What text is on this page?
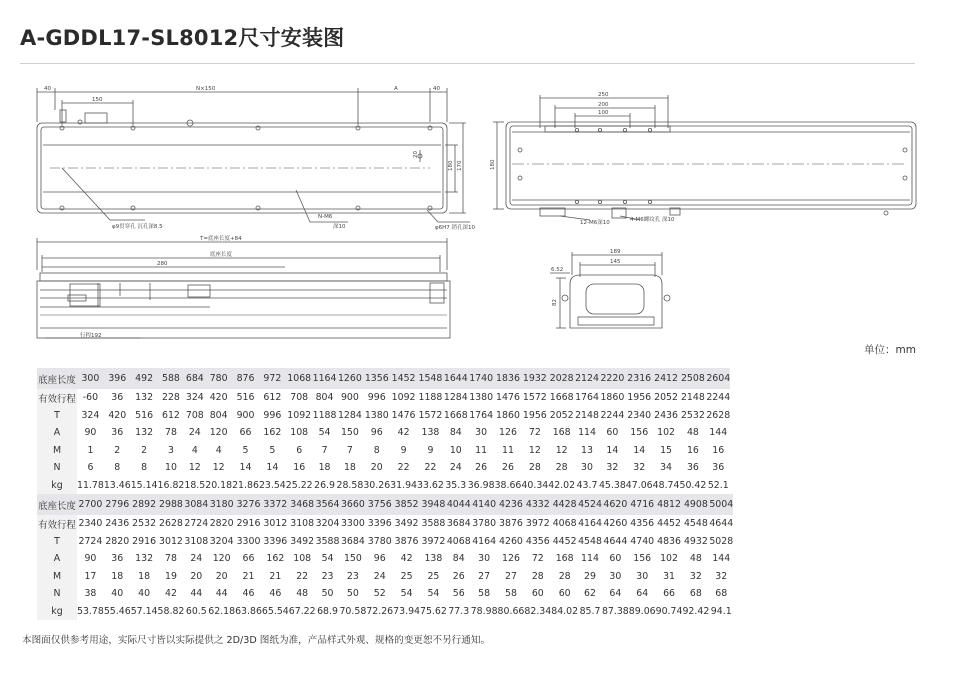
A-GDDL17-SL8012尺寸安装图
40
150
N×150	A	40
180 170
20
φ9贯穿孔 沉孔深8.5
N-M6
深10	φ6H7 销孔深10
T=底座长度+84
底座长度
280
行程192
250
200
100
180
12-M6深10	4-M6螺纹孔 深10
189
145
6.52
82
单位：mm
底座长度	300	396	492	588	684	780	876	972	1068	1164	1260	1356	1452	1548	1644	1740	1836	1932	2028	2124	2220	2316	2412	2508	2604
有效行程	-60	36	132	228	324	420	516	612	708	804	900	996	1092	1188	1284	1380	1476	1572	1668	1764	1860	1956	2052	2148	2244
T	324	420	516	612	708	804	900	996	1092	1188	1284	1380	1476	1572	1668	1764	1860	1956	2052	2148	2244	2340	2436	2532	2628
A	90	36	132	78	24	120	66	162	108	54	150	96	42	138	84	30	126	72	168	114	60	156	102	48	144
M	1	2	2	3	4	4	5	5	6	7	7	8	9	9	10	11	11	12	12	13	14	14	15	16	16
N	6	8	8	10	12	12	14	14	16	18	18	20	22	22	24	26	26	28	28	30	32	32	34	36	36
kg	11.78	13.46	15.14	16.82	18.5	20.18	21.86	23.54	25.22	26.9	28.58	30.26	31.94	33.62	35.3	36.98	38.66	40.34	42.02	43.7	45.38	47.06	48.74	50.42	52.1
底座长度	2700	2796	2892	2988	3084	3180	3276	3372	3468	3564	3660	3756	3852	3948	4044	4140	4236	4332	4428	4524	4620	4716	4812	4908	5004
有效行程	2340	2436	2532	2628	2724	2820	2916	3012	3108	3204	3300	3396	3492	3588	3684	3780	3876	3972	4068	4164	4260	4356	4452	4548	4644
T	2724	2820	2916	3012	3108	3204	3300	3396	3492	3588	3684	3780	3876	3972	4068	4164	4260	4356	4452	4548	4644	4740	4836	4932	5028
A	90	36	132	78	24	120	66	162	108	54	150	96	42	138	84	30	126	72	168	114	60	156	102	48	144
M	17	18	18	19	20	20	21	21	22	23	23	24	25	25	26	27	27	28	28	29	30	30	31	32	32
N	38	40	40	42	44	44	46	46	48	50	50	52	54	54	56	58	58	60	60	62	64	64	66	68	68
kg	53.78	55.46	57.14	58.82	60.5	62.18	63.86	65.54	67.22	68.9	70.58	72.26	73.94	75.62	77.3	78.98	80.66	82.34	84.02	85.7	87.38	89.06	90.74	92.42	94.1
本图面仅供参考用途，实际尺寸皆以实际提供之 2D/3D 图纸为准，产品样式外观、规格的变更恕不另行通知。
